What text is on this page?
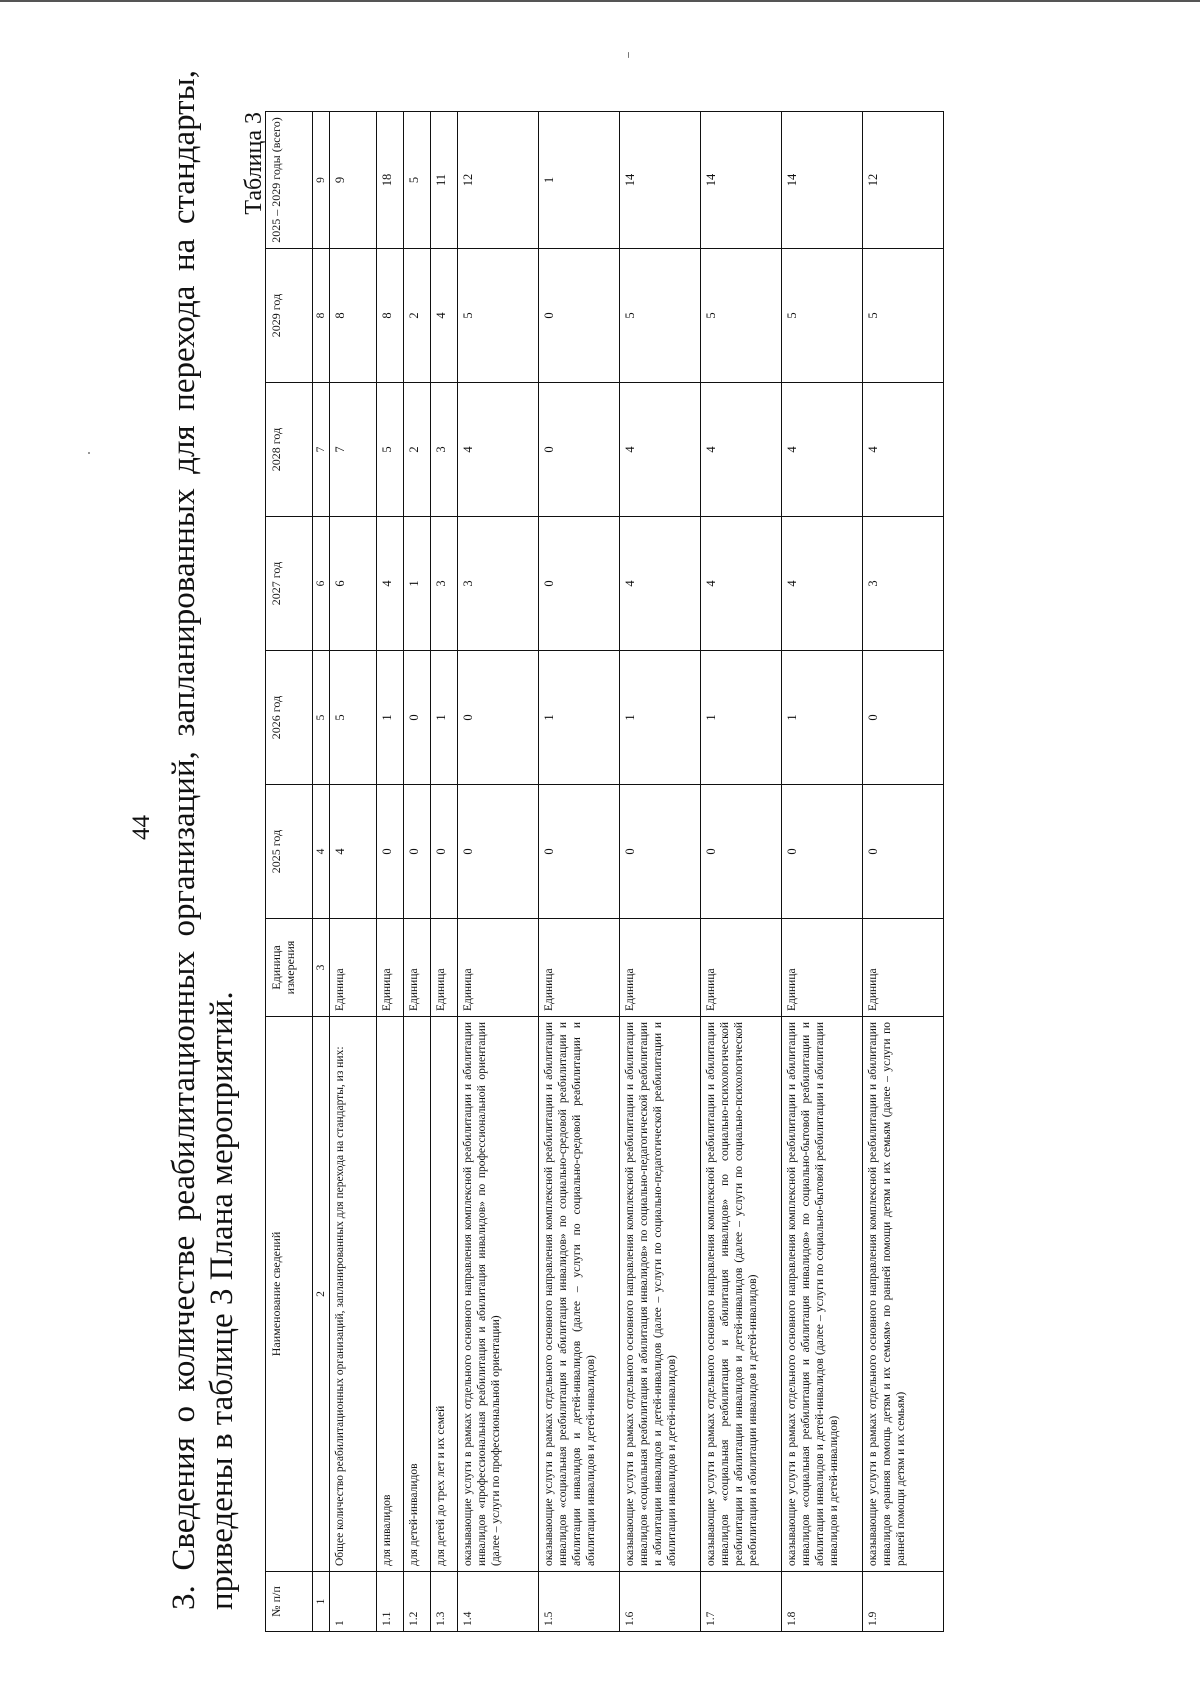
44 3. Сведения о количестве реабилитационных организаций, запланированных для перехода на стандарты, приведены в таблице 3 Плана мероприятий.

Таблица 3
№ п/п	Наименование сведений	Единица измерения	2025 год	2026 год	2027 год	2028 год	2029 год	2025 – 2029 годы (всего)
1	2	3	4	5	6	7	8	9
1	Общее количество реабилитационных организаций, запланированных для перехода на стандарты, из них:	Единица	4	5	6	7	8	9
1.1	для инвалидов	Единица	0	1	4	5	8	18
1.2	для детей-инвалидов	Единица	0	0	1	2	2	5
1.3	для детей до трех лет и их семей	Единица	0	1	3	3	4	11
1.4	оказывающие услуги в рамках отдельного основного направления комплексной реабилитации и абилитации инвалидов «профессиональная реабилитация и абилитация инвалидов» по профессиональной ориентации (далее – услуги по профессиональной ориентации)	Единица	0	0	3	4	5	12
1.5	оказывающие услуги в рамках отдельного основного направления комплексной реабилитации и абилитации инвалидов «социальная реабилитация и абилитация инвалидов» по социально-средовой реабилитации и абилитации инвалидов и детей-инвалидов (далее – услуги по социально-средовой реабилитации и абилитации инвалидов и детей-инвалидов)	Единица	0	1	0	0	0	1
1.6	оказывающие услуги в рамках отдельного основного направления комплексной реабилитации и абилитации инвалидов «социальная реабилитация и абилитация инвалидов» по социально-педагогической реабилитации и абилитации инвалидов и детей-инвалидов (далее – услуги по социально-педагогической реабилитации и абилитации инвалидов и детей-инвалидов)	Единица	0	1	4	4	5	14
1.7	оказывающие услуги в рамках отдельного основного направления комплексной реабилитации и абилитации инвалидов «социальная реабилитация и абилитация инвалидов» по социально-психологической реабилитации и абилитации инвалидов и детей-инвалидов (далее – услуги по социально-психологической реабилитации и абилитации инвалидов и детей-инвалидов)	Единица	0	1	4	4	5	14
1.8	оказывающие услуги в рамках отдельного основного направления комплексной реабилитации и абилитации инвалидов «социальная реабилитация и абилитация инвалидов» по социально-бытовой реабилитации и абилитации инвалидов и детей-инвалидов (далее – услуги по социально-бытовой реабилитации и абилитации инвалидов и детей-инвалидов)	Единица	0	1	4	4	5	14
1.9	оказывающие услуги в рамках отдельного основного направления комплексной реабилитации и абилитации инвалидов «ранняя помощь детям и их семьям» по ранней помощи детям и их семьям (далее – услуги по ранней помощи детям и их семьям)	Единица	0	0	3	4	5	12
